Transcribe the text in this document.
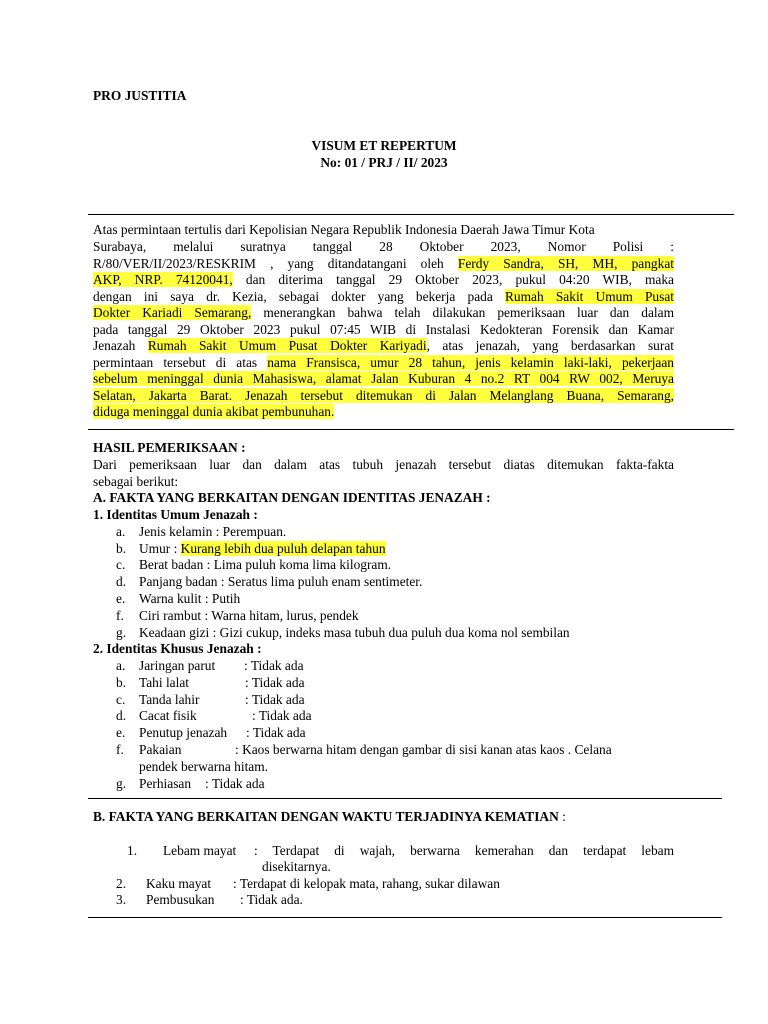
PRO JUSTITIA
VISUM ET REPERTUM
No: 01 / PRJ / II/ 2023
Atas permintaan tertulis dari Kepolisian Negara Republik Indonesia Daerah Jawa Timur Kota
Surabaya, melalui suratnya tanggal 28 Oktober 2023, Nomor Polisi :
R/80/VER/II/2023/RESKRIM , yang ditandatangani oleh Ferdy Sandra, SH, MH, pangkat
AKP, NRP. 74120041, dan diterima tanggal 29 Oktober 2023, pukul 04:20 WIB, maka
dengan ini saya dr. Kezia, sebagai dokter yang bekerja pada Rumah Sakit Umum Pusat
Dokter Kariadi Semarang, menerangkan bahwa telah dilakukan pemeriksaan luar dan dalam
pada tanggal 29 Oktober 2023 pukul 07:45 WIB di Instalasi Kedokteran Forensik dan Kamar
Jenazah Rumah Sakit Umum Pusat Dokter Kariyadi, atas jenazah, yang berdasarkan surat
permintaan tersebut di atas nama Fransisca, umur 28 tahun, jenis kelamin laki-laki, pekerjaan
sebelum meninggal dunia Mahasiswa, alamat Jalan Kuburan 4 no.2 RT 004 RW 002, Meruya
Selatan, Jakarta Barat. Jenazah tersebut ditemukan di Jalan Melanglang Buana, Semarang,
diduga meninggal dunia akibat pembunuhan.
HASIL PEMERIKSAAN :
Dari pemeriksaan luar dan dalam atas tubuh jenazah tersebut diatas ditemukan fakta-fakta
sebagai berikut:
A. FAKTA YANG BERKAITAN DENGAN IDENTITAS JENAZAH :
1. Identitas Umum Jenazah :
a. Jenis kelamin : Perempuan.
b. Umur : Kurang lebih dua puluh delapan tahun
c. Berat badan : Lima puluh koma lima kilogram.
d. Panjang badan : Seratus lima puluh enam sentimeter.
e. Warna kulit : Putih
f. Ciri rambut : Warna hitam, lurus, pendek
g. Keadaan gizi : Gizi cukup, indeks masa tubuh dua puluh dua koma nol sembilan
2. Identitas Khusus Jenazah :
a. Jaringan parut : Tidak ada
b. Tahi lalat	: Tidak ada
c. Tanda lahir	: Tidak ada
d. Cacat fisik	: Tidak ada
e. Penutup jenazah : Tidak ada
f. Pakaian	: Kaos berwarna hitam dengan gambar di sisi kanan atas kaos . Celana
pendek berwarna hitam.
g. Perhiasan : Tidak ada
B. FAKTA YANG BERKAITAN DENGAN WAKTU TERJADINYA KEMATIAN :
1. Lebam mayat : Terdapat di wajah, berwarna kemerahan dan terdapat lebam
disekitarnya.
2. Kaku mayat : Terdapat di kelopak mata, rahang, sukar dilawan
3. Pembusukan : Tidak ada.
